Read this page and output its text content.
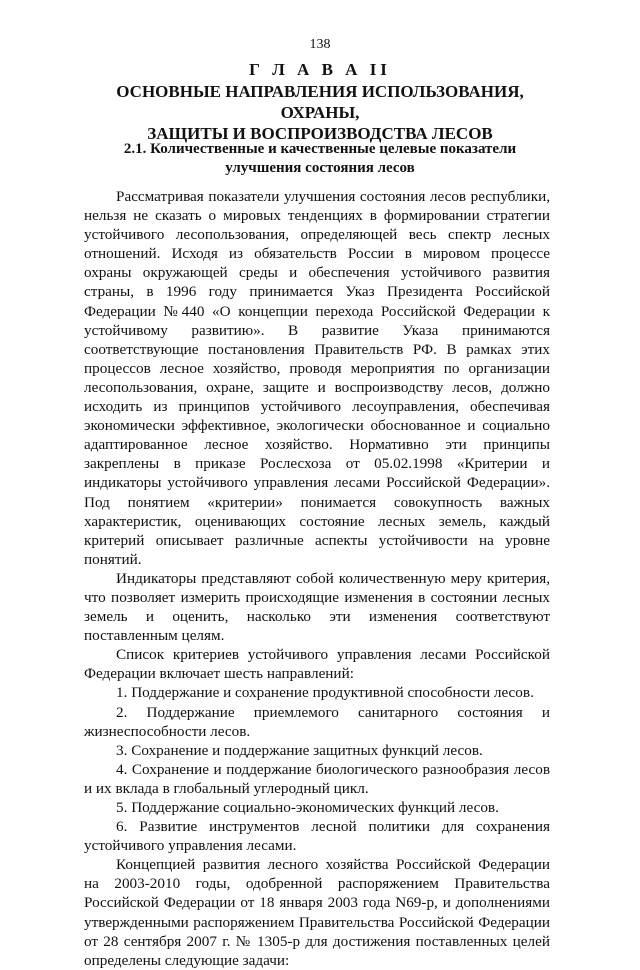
138
Г Л А В А II
ОСНОВНЫЕ НАПРАВЛЕНИЯ ИСПОЛЬЗОВАНИЯ, ОХРАНЫ,
ЗАЩИТЫ И ВОСПРОИЗВОДСТВА ЛЕСОВ
2.1. Количественные и качественные целевые показатели
улучшения состояния лесов

Рассматривая показатели улучшения состояния лесов республики, нельзя не сказать о мировых тенденциях в формировании стратегии устойчивого лесопользования, определяющей весь спектр лесных отношений. Исходя из обязательств России в мировом процессе охраны окружающей среды и обеспечения устойчивого развития страны, в 1996 году принимается Указ Президента Российской Федерации №440 «О концепции перехода Российской Федерации к устойчивому развитию». В развитие Указа принимаются соответствующие постановления Правительств РФ. В рамках этих процессов лесное хозяйство, проводя мероприятия по организации лесопользования, охране, защите и воспроизводству лесов, должно исходить из принципов устойчивого лесоуправления, обеспечивая экономически эффективное, экологически обоснованное и социально адаптированное лесное хозяйство. Нормативно эти принципы закреплены в приказе Рослесхоза от 05.02.1998 «Критерии и индикаторы устойчивого управления лесами Российской Федерации». Под понятием «критерии» понимается совокупность важных характеристик, оценивающих состояние лесных земель, каждый критерий описывает различные аспекты устойчивости на уровне понятий.

Индикаторы представляют собой количественную меру критерия, что позволяет измерить происходящие изменения в состоянии лесных земель и оценить, насколько эти изменения соответствуют поставленным целям.

Список критериев устойчивого управления лесами Российской Федерации включает шесть направлений:

1. Поддержание и сохранение продуктивной способности лесов.

2. Поддержание приемлемого санитарного состояния и жизнеспособности лесов.

3. Сохранение и поддержание защитных функций лесов.

4. Сохранение и поддержание биологического разнообразия лесов и их вклада в глобальный углеродный цикл.

5. Поддержание социально-экономических функций лесов.

6. Развитие инструментов лесной политики для сохранения устойчивого управления лесами.

Концепцией развития лесного хозяйства Российской Федерации на 2003-2010 годы, одобренной распоряжением Правительства Российской Федерации от 18 января 2003 года N69-р, и дополнениями утвержденными распоряжением Правительства Российской Федерации от 28 сентября 2007 г. № 1305-р для достижения поставленных целей определены следующие задачи:
